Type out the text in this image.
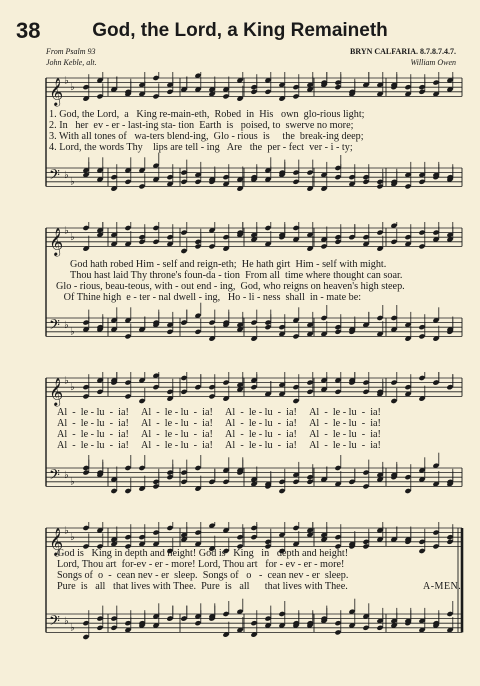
38	God, the Lord, a King Remaineth
From Psalm 93
John Keble, alt.
BRYN CALFARIA. 8.7.8.7.4.7.
William Owen
𝄞 ♭
♭
𝄢 ♭
♭
1. God, the Lord,  a   King re-main-eth,  Robed  in  His   own  glo-rious light;
2. In   her  ev - er - last-ing sta- tion  Earth  is   poised, to  swerve no more;
3. With all tones of   wa-ters blend-ing,  Glo - rious  is     the  break-ing deep;
4. Lord, the words Thy    lips are tell - ing   Are   the  per - fect  ver - i - ty;
𝄞 ♭
♭
𝄢 ♭
♭
God hath robed Him - self and reign-eth;  He hath girt  Him - self with might.
Thou hast laid Thy throne's foun-da - tion  From all  time where thought can soar.
Glo - rious, beau-teous, with - out end - ing,  God, who reigns on heaven's high steep.
Of Thine high  e - ter - nal dwell - ing,   Ho - li - ness  shall  in - mate be:
𝄞 ♭
♭
𝄢 ♭
♭
Al  -  le - lu  -  ia!     Al  -  le - lu  -  ia!     Al  -  le - lu  -  ia!     Al  -  le - lu  -  ia!
Al  -  le - lu  -  ia!     Al  -  le - lu  -  ia!     Al  -  le - lu  -  ia!     Al  -  le - lu  -  ia!
Al  -  le - lu  -  ia!     Al  -  le - lu  -  ia!     Al  -  le - lu  -  ia!     Al  -  le - lu  -  ia!
Al  -  le - lu  -  ia!     Al  -  le - lu  -  ia!     Al  -  le - lu  -  ia!     Al  -  le - lu  -  ia!
𝄞 ♭
♭
𝄢 ♭
♭
God is   King in depth and height! God is   King   in   depth and height!
Lord, Thou art  for-ev - er - more! Lord, Thou art   for - ev - er - more!
Songs of  o  -  cean nev - er  sleep.  Songs of   o   -  cean nev - er  sleep.
Pure  is   all   that lives with Thee.  Pure  is   all      that lives with Thee.	A-MEN.
